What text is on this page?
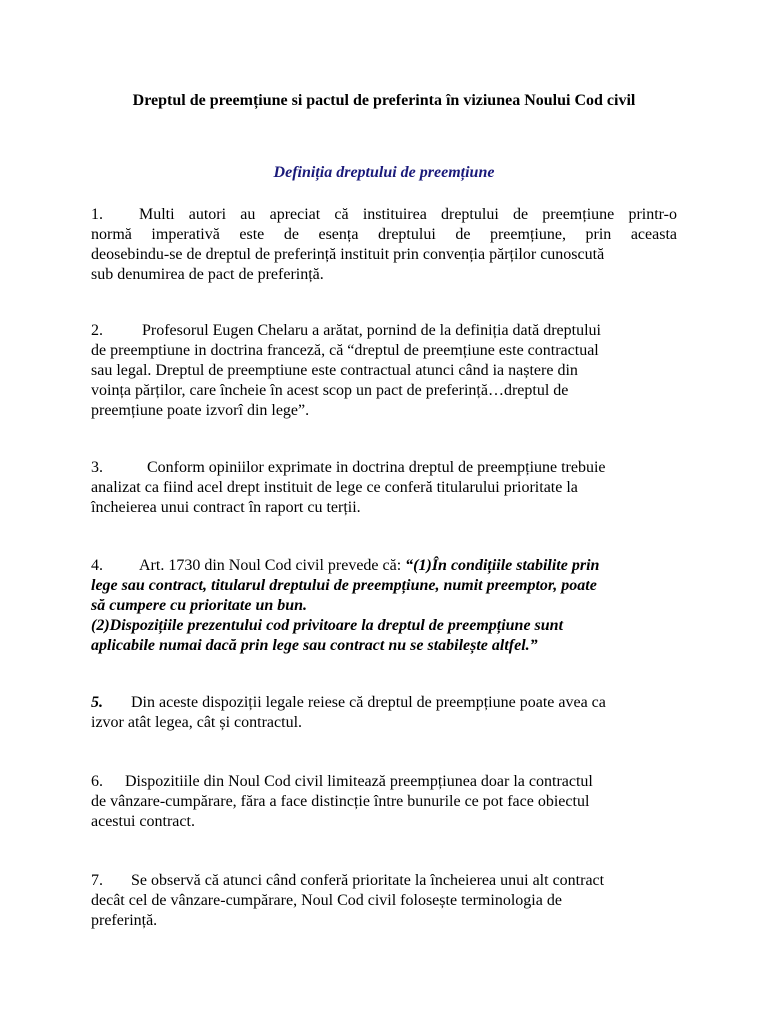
Dreptul de preemțiune si pactul de preferinta în viziunea Noului Cod civil
Definiția dreptului de preemțiune
1. Multi autori au apreciat că instituirea dreptului de preemțiune printr-o
normă imperativă este de esența dreptului de preemțiune, prin aceasta
deosebindu-se de dreptul de preferință instituit prin convenția părților cunoscută
sub denumirea de pact de preferință.
2. Profesorul Eugen Chelaru a arătat, pornind de la definiția dată dreptului
de preemptiune in doctrina franceză, că “dreptul de preemțiune este contractual
sau legal. Dreptul de preemptiune este contractual atunci când ia naștere din
voința părților, care încheie în acest scop un pact de preferință…dreptul de
preemțiune poate izvorî din lege”.
3.	Conform opiniilor exprimate in doctrina dreptul de preempțiune trebuie
analizat ca fiind acel drept instituit de lege ce conferă titularului prioritate la
încheierea unui contract în raport cu terții.
4. Art. 1730 din Noul Cod civil prevede că: “(1)În condițiile stabilite prin
lege sau contract, titularul dreptului de preempțiune, numit preemptor, poate
să cumpere cu prioritate un bun.
(2)Dispozițiile prezentului cod privitoare la dreptul de preempțiune sunt
aplicabile numai dacă prin lege sau contract nu se stabilește altfel.”
5. Din aceste dispoziții legale reiese că dreptul de preempțiune poate avea ca
izvor atât legea, cât și contractul.
6. Dispozitiile din Noul Cod civil limitează preempțiunea doar la contractul
de vânzare-cumpărare, făra a face distincție între bunurile ce pot face obiectul
acestui contract.
7. Se observă că atunci când conferă prioritate la încheierea unui alt contract
decât cel de vânzare-cumpărare, Noul Cod civil folosește terminologia de
preferință.
